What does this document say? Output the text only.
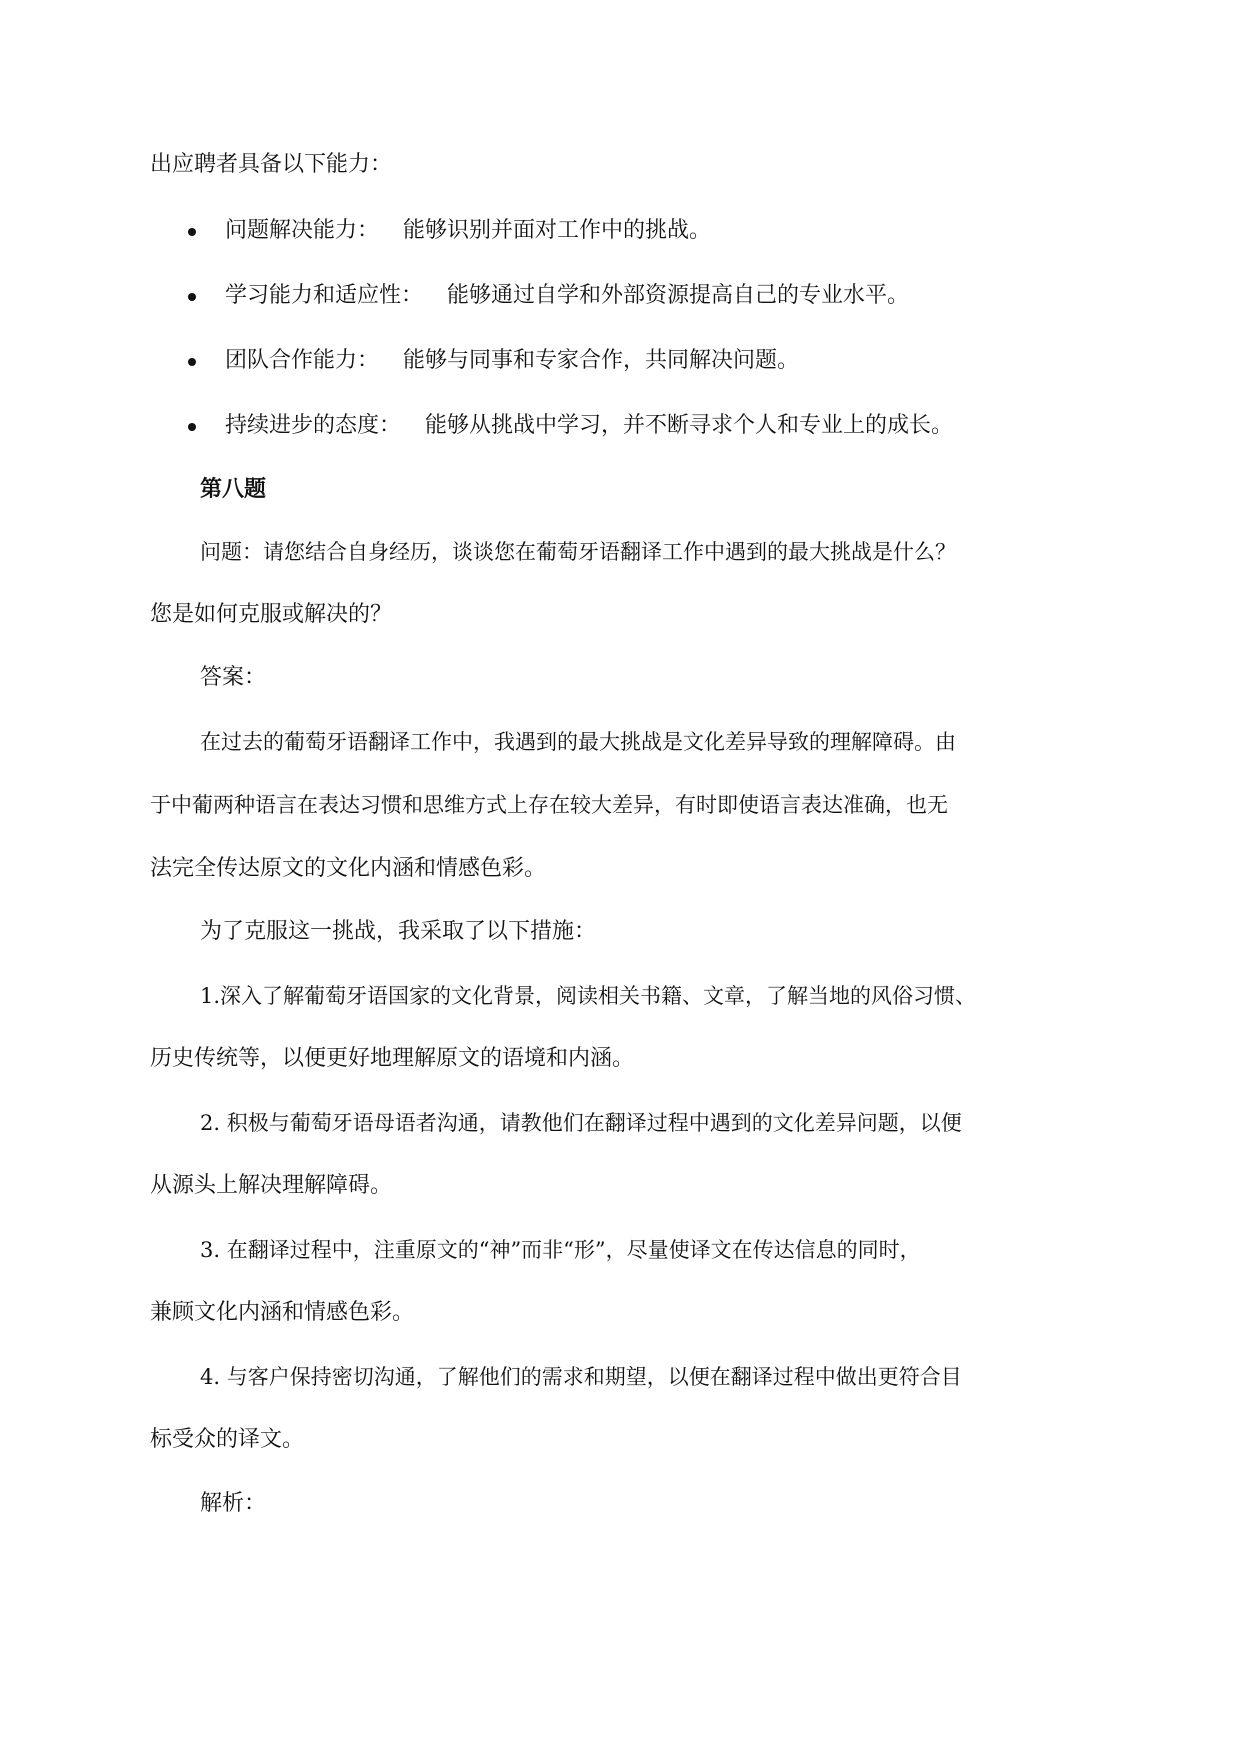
出应聘者具备以下能力：
问题解决能力： 能够识别并面对工作中的挑战。
学习能力和适应性： 能够通过自学和外部资源提高自己的专业水平。
团队合作能力： 能够与同事和专家合作，共同解决问题。
持续进步的态度： 能够从挑战中学习，并不断寻求个人和专业上的成长。
第八题
问题：请您结合自身经历，谈谈您在葡萄牙语翻译工作中遇到的最大挑战是什么？
您是如何克服或解决的？
答案：
在过去的葡萄牙语翻译工作中，我遇到的最大挑战是文化差异导致的理解障碍。由
于中葡两种语言在表达习惯和思维方式上存在较大差异，有时即使语言表达准确，也无
法完全传达原文的文化内涵和情感色彩。
为了克服这一挑战，我采取了以下措施：
1.深入了解葡萄牙语国家的文化背景，阅读相关书籍、文章，了解当地的风俗习惯、
历史传统等，以便更好地理解原文的语境和内涵。
2. 积极与葡萄牙语母语者沟通，请教他们在翻译过程中遇到的文化差异问题，以便
从源头上解决理解障碍。
3. 在翻译过程中，注重原文的“神”而非“形”，尽量使译文在传达信息的同时，
兼顾文化内涵和情感色彩。
4. 与客户保持密切沟通，了解他们的需求和期望，以便在翻译过程中做出更符合目
标受众的译文。
解析：
